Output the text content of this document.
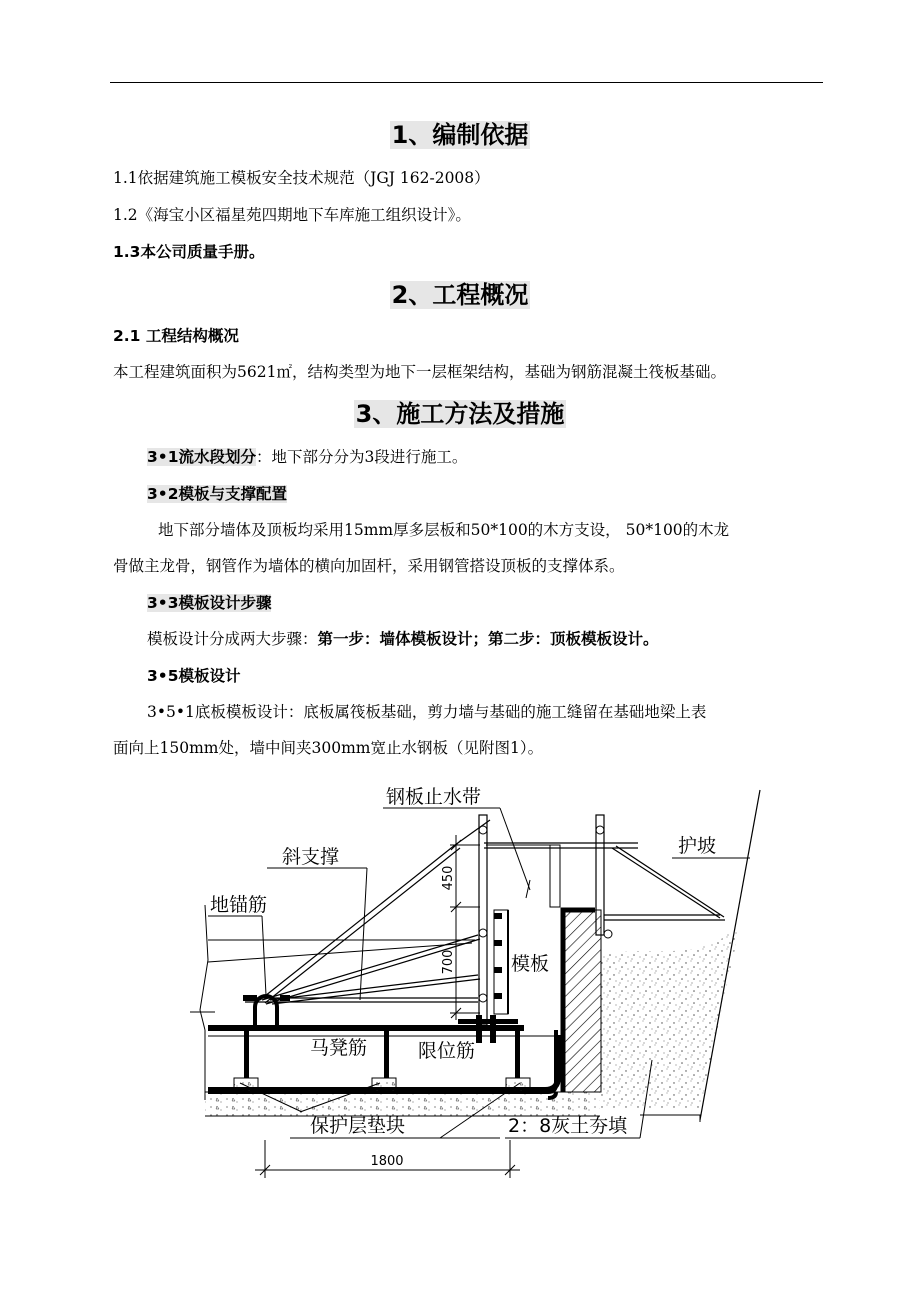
1、编制依据
1.1依据建筑施工模板安全技术规范（JGJ 162-2008）
1.2《海宝小区福星苑四期地下车库施工组织设计》。
1.3本公司质量手册。
2、工程概况
2.1 工程结构概况
本工程建筑面积为5621㎡，结构类型为地下一层框架结构，基础为钢筋混凝土筏板基础。
3、施工方法及措施
3•1流水段划分：地下部分分为3段进行施工。
3•2模板与支撑配置
地下部分墙体及顶板均采用15mm厚多层板和50*100的木方支设， 50*100的木龙
骨做主龙骨，钢管作为墙体的横向加固杆，采用钢管搭设顶板的支撑体系。
3•3模板设计步骤
模板设计分成两大步骤：第一步：墙体模板设计；第二步：顶板模板设计。
3•5模板设计
3•5•1底板模板设计：底板属筏板基础，剪力墙与基础的施工缝留在基础地梁上表
面向上150mm处，墙中间夹300mm宽止水钢板（见附图1）。
450
700
1800
钢板止水带
护坡
斜支撑
地锚筋
模板
马凳筋	限位筋
保护层垫块	2：8灰土夯填
